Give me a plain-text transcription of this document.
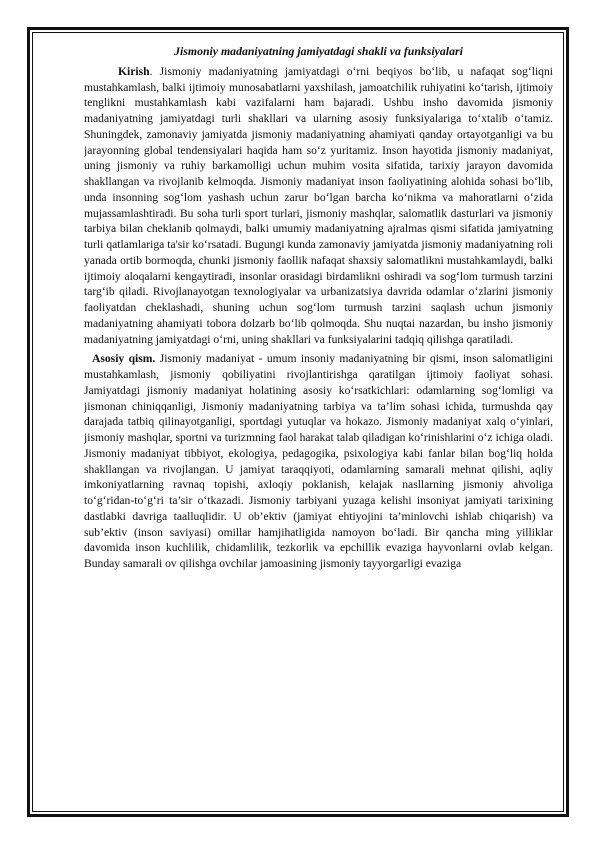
Jismoniy madaniyatning jamiyatdagi shakli va funksiyalari

Kirish. Jismoniy madaniyatning jamiyatdagi o‘rni beqiyos bo‘lib, u nafaqat sog‘liqni mustahkamlash, balki ijtimoiy munosabatlarni yaxshilash, jamoatchilik ruhiyatini ko‘tarish, ijtimoiy tenglikni mustahkamlash kabi vazifalarni ham bajaradi. Ushbu insho davomida jismoniy madaniyatning jamiyatdagi turli shakllari va ularning asosiy funksiyalariga to‘xtalib o‘tamiz. Shuningdek, zamonaviy jamiyatda jismoniy madaniyatning ahamiyati qanday ortayotganligi va bu jarayonning global tendensiyalari haqida ham so‘z yuritamiz. Inson hayotida jismoniy madaniyat, uning jismoniy va ruhiy barkamolligi uchun muhim vosita sifatida, tarixiy jarayon davomida shakllangan va rivojlanib kelmoqda. Jismoniy madaniyat inson faoliyatining alohida sohasi bo‘lib, unda insonning sog‘lom yashash uchun zarur bo‘lgan barcha ko‘nikma va mahoratlarni o‘zida mujassamlashtiradi. Bu soha turli sport turlari, jismoniy mashqlar, salomatlik dasturlari va jismoniy tarbiya bilan cheklanib qolmaydi, balki umumiy madaniyatning ajralmas qismi sifatida jamiyatning turli qatlamlariga ta'sir ko‘rsatadi. Bugungi kunda zamonaviy jamiyatda jismoniy madaniyatning roli yanada ortib bormoqda, chunki jismoniy faollik nafaqat shaxsiy salomatlikni mustahkamlaydi, balki ijtimoiy aloqalarni kengaytiradi, insonlar orasidagi birdamlikni oshiradi va sog‘lom turmush tarzini targ‘ib qiladi. Rivojlanayotgan texnologiyalar va urbanizatsiya davrida odamlar o‘zlarini jismoniy faoliyatdan cheklashadi, shuning uchun sog‘lom turmush tarzini saqlash uchun jismoniy madaniyatning ahamiyati tobora dolzarb bo‘lib qolmoqda. Shu nuqtai nazardan, bu insho jismoniy madaniyatning jamiyatdagi o‘rni, uning shakllari va funksiyalarini tadqiq qilishga qaratiladi.

Asosiy qism. Jismoniy madaniyat - umum insoniy madaniyatning bir qismi, inson salomatligini mustahkamlash, jismoniy qobiliyatini rivojlantirishga qaratilgan ijtimoiy faoliyat sohasi. Jamiyatdagi jismoniy madaniyat holatining asosiy ko‘rsatkichlari: odamlarning sog‘lomligi va jismonan chiniqqanligi, Jismoniy madaniyatning tarbiya va ta’lim sohasi ichida, turmushda qay darajada tatbiq qilinayotganligi, sportdagi yutuqlar va hokazo. Jismoniy madaniyat xalq o‘yinlari, jismoniy mashqlar, sportni va turizmning faol harakat talab qiladigan ko‘rinishlarini o‘z ichiga oladi. Jismoniy madaniyat tibbiyot, ekologiya, pedagogika, psixologiya kabi fanlar bilan bog‘liq holda shakllangan va rivojlangan. U jamiyat taraqqiyoti, odamlarning samarali mehnat qilishi, aqliy imkoniyatlarning ravnaq topishi, axloqiy poklanish, kelajak nasllarning jismoniy ahvoliga to‘g‘ridan-to‘g‘ri ta’sir o‘tkazadi. Jismoniy tarbiyani yuzaga kelishi insoniyat jamiyati tarixining dastlabki davriga taalluqlidir. U ob’ektiv (jamiyat ehtiyojini ta’minlovchi ishlab chiqarish) va sub’ektiv (inson saviyasi) omillar hamjihatligida namoyon bo‘ladi. Bir qancha ming yilliklar davomida inson kuchlilik, chidamlilik, tezkorlik va epchillik evaziga hayvonlarni ovlab kelgan. Bunday samarali ov qilishga ovchilar jamoasining jismoniy tayyorgarligi evaziga
